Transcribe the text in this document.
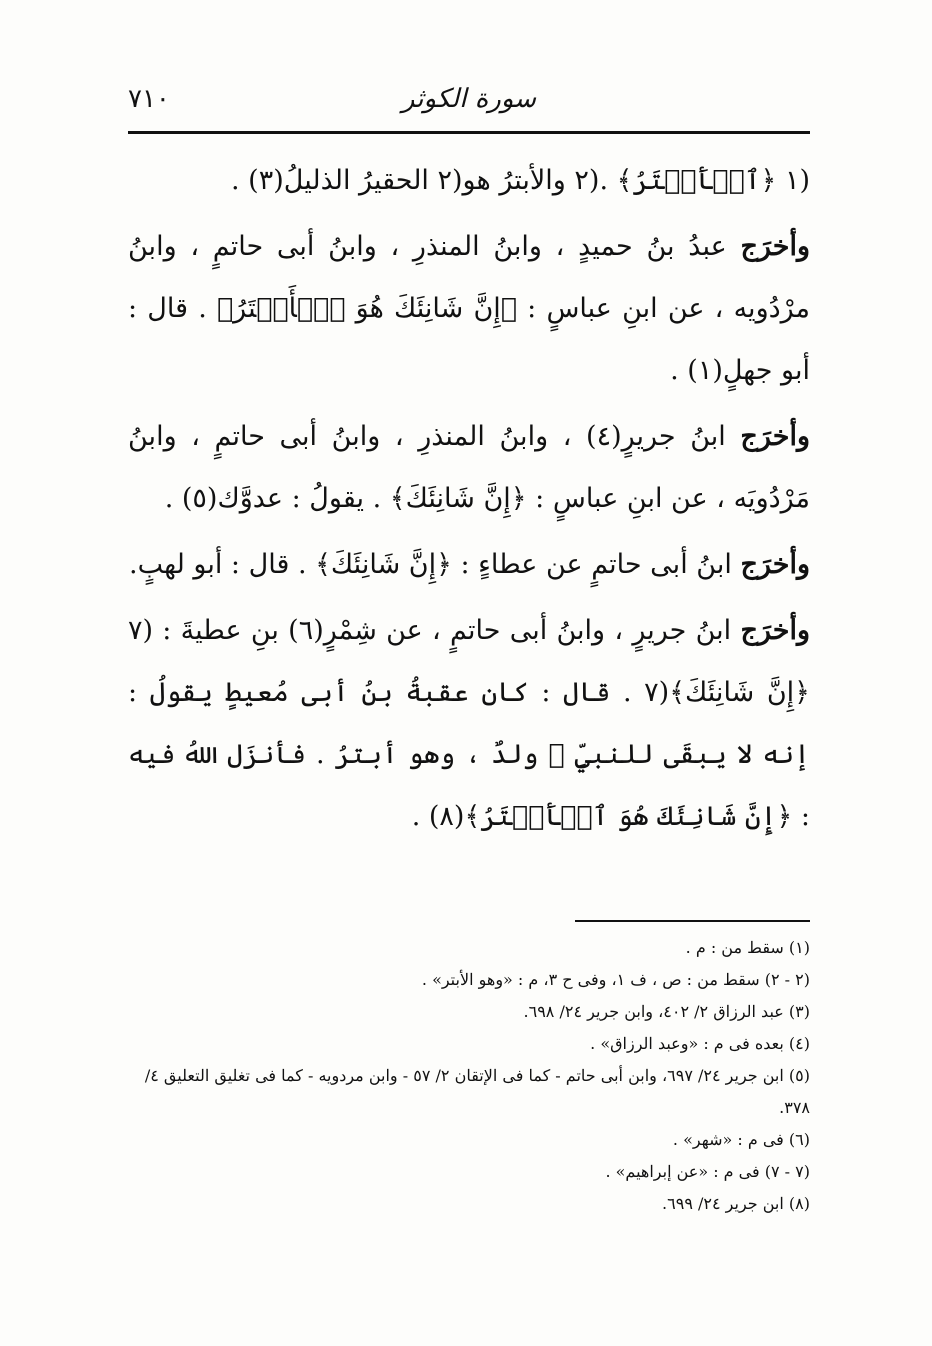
٧١٠	سورة الكوثر

(١ ﴿ٱلۡأَبۡتَرُ﴾ .(٢ والأبترُ هو(٢ الحقيرُ الذليلُ(٣) .

وأخرَج عبدُ بنُ حميدٍ ، وابنُ المنذرِ ، وابنُ أبى حاتمٍ ، وابنُ مرْدُويه ، عن ابنِ عباسٍ : ﴿إِنَّ شَانِئَكَ هُوَ ٱلۡأَبۡتَرُ﴾ . قال : أبو جهلٍ(١) .

وأخرَج ابنُ جريرٍ(٤) ، وابنُ المنذرِ ، وابنُ أبى حاتمٍ ، وابنُ مَرْدُويَه ، عن ابنِ عباسٍ : ﴿إِنَّ شَانِئَكَ﴾ . يقولُ : عدوَّك(٥) .

وأخرَج ابنُ أبى حاتمٍ عن عطاءٍ : ﴿إِنَّ شَانِئَكَ﴾ . قال : أبو لهبٍ.

وأخرَج ابنُ جريرٍ ، وابنُ أبى حاتمٍ ، عن شِمْرٍ(٦) بنِ عطيةَ : (٧ ﴿إِنَّ شَانِئَكَ﴾(٧ . قال : كان عقبةُ بنُ أبى مُعيطٍ يقولُ : إنه لا يبقَى للنبيِّ ﷺ ولدٌ ، وهو أبترُ . فأنزَل اللهُ فيه : ﴿إِنَّ شَانِئَكَ هُوَ ٱلۡأَبۡتَرُ﴾(٨) .

(١) سقط من : م .

(٢ - ٢) سقط من : ص ، ف ١، وفى ح ٣، م : «وهو الأبتر» .

(٣) عبد الرزاق ٢/ ٤٠٢، وابن جرير ٢٤/ ٦٩٨.

(٤) بعده فى م : «وعبد الرزاق» .

(٥) ابن جرير ٢٤/ ٦٩٧، وابن أبى حاتم - كما فى الإتقان ٢/ ٥٧ - وابن مردويه - كما فى تغليق التعليق ٤/ ٣٧٨.

(٦) فى م : «شهر» .

(٧ - ٧) فى م : «عن إبراهيم» .

(٨) ابن جرير ٢٤/ ٦٩٩.
